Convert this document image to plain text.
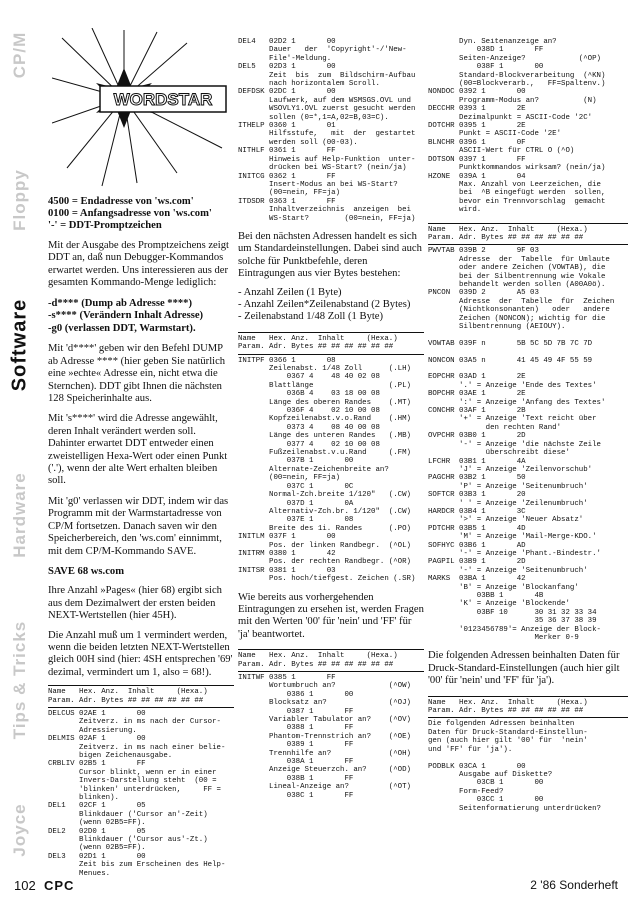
CP/M
Floppy
Software
Hardware
Tips & Tricks
Joyce
WORDSTAR
4500 = Endadresse von 'ws.com'
0100 = Anfangsadresse von 'ws.com'
'-' = DDT-Promptzeichen

Mit der Ausgabe des Promptzeichens zeigt DDT an, daß nun Debugger-Kommandos erwartet werden. Uns interessieren aus der gesamten Kommando-Menge lediglich:

-d**** (Dump ab Adresse ****)
-s**** (Verändern Inhalt Adresse)
-g0 (verlassen DDT, Warmstart).

Mit 'd****' geben wir den Befehl DUMP ab Adresse **** (hier geben Sie natürlich eine »echte« Adresse ein, nicht etwa die Sternchen). DDT gibt Ihnen die nächsten 128 Speicherinhalte aus.

Mit 's****' wird die Adresse angewählt, deren Inhalt verändert werden soll. Dahinter erwartet DDT entweder einen zweistelligen Hexa-Wert oder einen Punkt ('.'), wenn der alte Wert erhalten bleiben soll.

Mit 'g0' verlassen wir DDT, indem wir das Programm mit der Warmstartadresse von CP/M fortsetzen. Danach saven wir den Speicherbereich, den 'ws.com' einnimmt, mit dem CP/M-Kommando SAVE.

SAVE 68 ws.com

Ihre Anzahl »Pages« (hier 68) ergibt sich aus dem Dezimalwert der ersten beiden NEXT-Wertstellen (hier 45H).

Die Anzahl muß um 1 vermindert werden, wenn die beiden letzten NEXT-Wertstellen gleich 00H sind (hier: 4SH entsprechen '69' dezimal, vermindert um 1, also = 68!).

Name   Hex. Anz.  Inhalt     (Hexa.)
Param. Adr. Bytes ## ## ## ## ## ##
DELCUS 02AE 1       00
Zeitverz. in ms nach der Cursor-
Adressierung.
DELMIS 02AF 1       00
Zeitverz. in ms nach einer belie-
bigen Zeichenausgabe.
CRBLIV 02B5 1       FF
Cursor blinkt, wenn er in einer
Invers-Darstellung steht  (00 =
'blinken' unterdrücken,     FF =
blinken).
DEL1   02CF 1       05
Blinkdauer ('Cursor an'-Zeit)
(wenn 02B5=FF).
DEL2   02D0 1       05
Blinkdauer ('Cursor aus'-Zt.)
(wenn 02B5=FF).
DEL3   02D1 1       00
Zeit bis zum Erscheinen des Help-
Menues.
DEL4   02D2 1       00
Dauer   der  'Copyright'-/'New-
File'-Meldung.
DEL5   02D3 1       00
Zeit  bis  zum  Bildschirm-Aufbau
nach horizontalem Scroll.
DEFDSK 02DC 1       00
Laufwerk, auf dem WSMSGS.OVL und
WSOVLY1.OVL zuerst gesucht werden
sollen (0=*,1=A,02=B,03=C).
ITHELP 0360 1       01
Hilfsstufe,   mit  der  gestartet
werden soll (00-03).
NITHLF 0361 1       FF
Hinweis auf Help-Funktion  unter-
drücken bei WS-Start? (nein/ja)
INITCG 0362 1       FF
Insert-Modus an bei WS-Start?
(00=nein, FF=ja)
ITDSDR 0363 1       FF
Inhaltverzeichnis  anzeigen  bei
WS-Start?        (00=nein, FF=ja)

Bei den nächsten Adressen handelt es sich um Standardeinstellungen. Dabei sind auch solche für Punktbefehle, deren Eintragungen aus vier Bytes bestehen:

- Anzahl Zeilen (1 Byte)
- Anzahl Zeilen*Zeilenabstand (2 Bytes)
- Zeilenabstand 1/48 Zoll (1 Byte)
Name   Hex. Anz.  Inhalt     (Hexa.)
Param. Adr. Bytes ## ## ## ## ## ##
INITPF 0366 1       08
Zeilenabst. 1/48 Zoll      (.LH)
0367 4    48 40 02 08
Blattlänge                 (.PL)
036B 4    03 18 00 08
Länge des oberen Randes    (.MT)
036F 4    02 10 00 08
Kopfzeilenabst.v.o.Rand    (.HM)
0373 4    08 40 00 08
Länge des unteren Randes   (.MB)
0377 4    02 10 00 08
Fußzeilenabst.v.u.Rand     (.FM)
037B 1       00
Alternate-Zeichenbreite an?
(00=nein, FF=ja)
037C 1       0C
Normal-Zch.breite 1/120"   (.CW)
037D 1       0A
Alternativ-Zch.br. 1/120"  (.CW)
037E 1       08
Breite des 1i. Randes      (.PO)
INITLM 037F 1       00
Pos. der linken Randbegr.  (^OL)
INITRM 0380 1       42
Pos. der rechten Randbegr. (^OR)
INITSR 0381 1       03
Pos. hoch/tiefgest. Zeichen (.SR)

Wie bereits aus vorhergehenden Eintragungen zu ersehen ist, werden Fragen mit den Werten '00' für 'nein' und 'FF' für 'ja' beantwortet.

Name   Hex. Anz.  Inhalt     (Hexa.)
Param. Adr. Bytes ## ## ## ## ## ##
INITWF 0385 1       FF
Wortumbruch an?            (^OW)
0386 1       00
Blocksatz an?              (^OJ)
0387 1       FF
Variabler Tabulator an?    (^OV)
0388 1       FF
Phantom-Trennstrich an?    (^OE)
0389 1       FF
Trennhilfe an?             (^OH)
038A 1       FF
Anzeige Steuerzch. an?     (^OD)
038B 1       FF
Lineal-Anzeige an?         (^OT)
038C 1       FF
Dyn. Seitenanzeige an?
038D 1       FF
Seiten-Anzeige?            (^OP)
038F 1       00
Standard-Blockverarbeitung  (^KN)
(00=Blockverarb.,   FF=Spaltenv.)
NONDOC 0392 1       00
Programm-Modus an?          (N)
DECCHR 0393 1       2E
Dezimalpunkt = ASCII-Code '2C'
DOTCHR 0395 1       2E
Punkt = ASCII-Code '2E'
BLNCHR 0396 1       0F
ASCII-Wert für CTRL O (^O)
DOTSON 0397 1       FF
Punktkommandos wirksam? (nein/ja)
HZONE  039A 1       04
Max. Anzahl von Leerzeichen, die
bei  ^B eingefügt werden  sollen,
bevor ein Trennvorschlag  gemacht
wird.
Name   Hex. Anz.  Inhalt     (Hexa.)
Param. Adr. Bytes ## ## ## ## ## ##
PWVTAB 039B 2       9F 03
Adresse  der  Tabelle  für Umlaute
oder andere Zeichen (VOWTAB), die
bei der Silbentrennung wie Vokale
behandelt werden sollen (A00A0ö).
PNCON  039D 2       A5 03
Adresse  der  Tabelle  für  Zeichen
(Nichtkonsonanten)   oder   andere
Zeichen (NONCON); wichtig für die
Silbentrennung (AEIOUY).

VOWTAB 039F n       5B 5C 5D 7B 7C 7D

NONCON 03A5 n       41 45 49 4F 55 59

EOPCHR 03AD 1       2E
'.' = Anzeige 'Ende des Textes'
BOPCHR 03AE 1       2E
':' = Anzeige 'Anfang des Textes'
CONCHR 03AF 1       2B
'+' = Anzeige 'Text reicht über
den rechten Rand'
OVPCHR 03B0 1       2D
'-' = Anzeige 'die nächste Zeile
überschreibt diese'
LFCHR  03B1 1       4A
'J' = Anzeige 'Zeilenvorschub'
PAGCHR 03B2 1       50
'P' = Anzeige 'Seitenumbruch'
SOFTCR 03B3 1       20
' ' = Anzeige 'Zeilenumbruch'
HARDCR 03B4 1       3C
'>' = Anzeige 'Neuer Absatz'
PDTCHR 03B5 1       4D
'M' = Anzeige 'Mail-Merge-KDO.'
SOFHYC 03B6 1       AD
'-' = Anzeige 'Phant.-Bindestr.'
PAGPIL 03B9 1       2D
'-' = Anzeige 'Seitenumbruch'
MARKS  03BA 1       42
'B' = Anzeige 'Blockanfang'
03BB 1       4B
'K' = Anzeige 'Blockende'
03BF 10      30 31 32 33 34
35 36 37 38 39
'0123456789'= Anzeige der Block-
Merker 0-9

Die folgenden Adressen beinhalten Daten für Druck-Standard-Einstellungen (auch hier gilt '00' für 'nein' und 'FF' für 'ja').

Name   Hex. Anz.  Inhalt     (Hexa.)
Param. Adr. Bytes ## ## ## ## ## ##
Die folgenden Adressen beinhalten
Daten für Druck-Standard-Einstellun-
gen (auch hier gilt '00' für  'nein'
und 'FF' für 'ja').

PODBLK 03CA 1       00
Ausgabe auf Diskette?
03CB 1       00
Form-Feed?
03CC 1       00
Seitenformatierung unterdrücken?
102 CPC	2 '86 Sonderheft
